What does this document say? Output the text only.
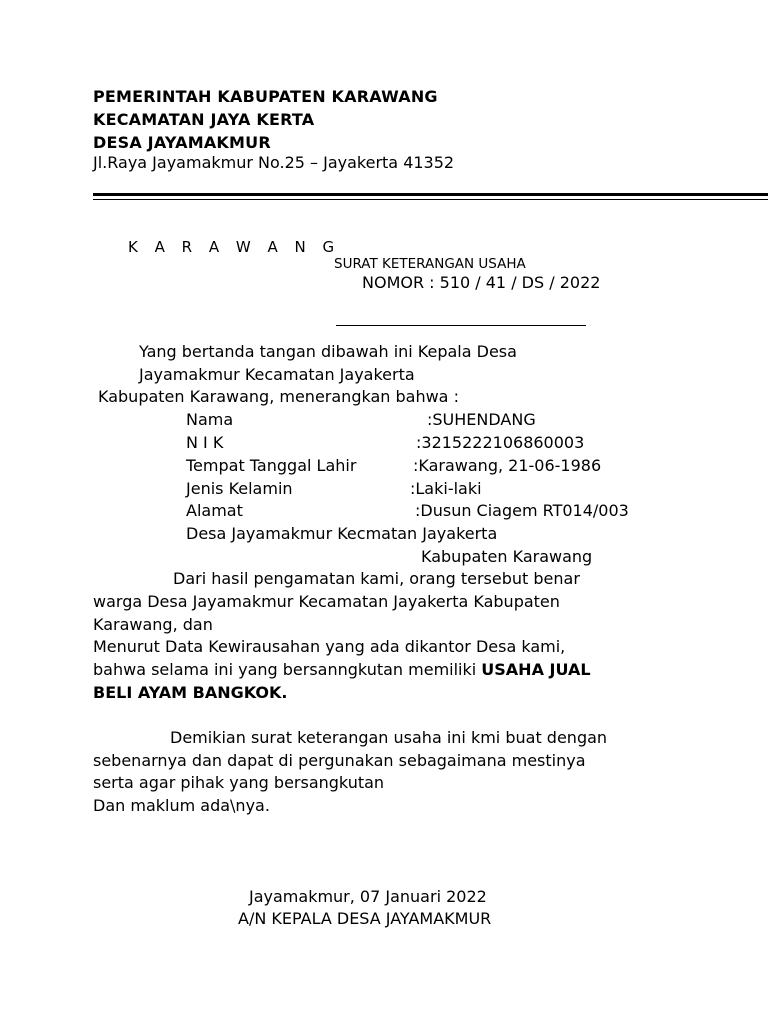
PEMERINTAH KABUPATEN KARAWANG
KECAMATAN JAYA KERTA
DESA JAYAMAKMUR
Jl.Raya Jayamakmur No.25 – Jayakerta 41352
K A R A W A N G
SURAT KETERANGAN USAHA
NOMOR : 510 / 41 / DS / 2022
Yang bertanda tangan dibawah ini Kepala Desa
Jayamakmur Kecamatan Jayakerta
Kabupaten Karawang, menerangkan bahwa :
Nama	:SUHENDANG
N I K	:3215222106860003
Tempat Tanggal Lahir	:Karawang, 21-06-1986
Jenis Kelamin	:Laki-laki
Alamat	:Dusun Ciagem RT014/003
Desa Jayamakmur Kecmatan Jayakerta
Kabupaten Karawang
Dari hasil pengamatan kami, orang tersebut benar
warga Desa Jayamakmur Kecamatan Jayakerta Kabupaten
Karawang, dan
Menurut Data Kewirausahan yang ada dikantor Desa kami,
bahwa selama ini yang bersanngkutan memiliki USAHA JUAL
BELI AYAM BANGKOK.
Demikian surat keterangan usaha ini kmi buat dengan
sebenarnya dan dapat di pergunakan sebagaimana mestinya
serta agar pihak yang bersangkutan
Dan maklum ada\nya.
Jayamakmur, 07 Januari 2022
A/N KEPALA DESA JAYAMAKMUR
